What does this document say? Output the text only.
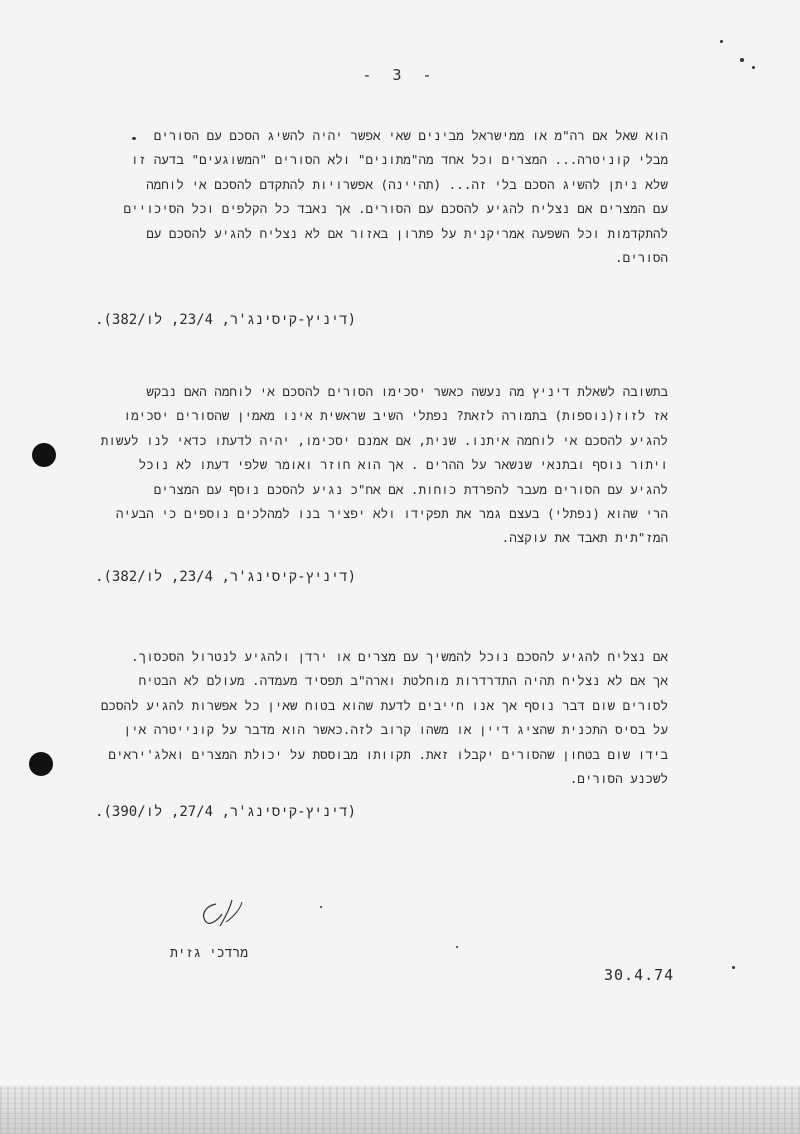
- 3 -

הוא שאל אם רה"מ או ממישראל מבינים שאי אפשר יהיה להשיג הסכם עם הסורים
מבלי קוניטרה... המצרים וכל אחד מה"מתונים" ולא הסורים "המשוגעים" בדעה זו
שלא ניתן להשיג הסכם בלי זה... (תהיינה) אפשרויות להתקדם להסכם אי לוחמה
עם המצרים אם נצליח להגיע להסכם עם הסורים. אך נאבד כל הקלפים וכל הסיכויים
להתקדמות וכל השפעה אמריקנית על פתרון באזור אם לא נצליח להגיע להסכם עם
הסורים.

(דיניץ-קיסינג'ר, 23/4, לו/382).

בתשובה לשאלת דיניץ מה נעשה כאשר יסכימו הסורים להסכם אי לוחמה האם נבקש
אז לזוז(נוספות) בתמורה לזאת? נפתלי השיב שראשית אינו מאמין שהסורים יסכימו
להגיע להסכם אי לוחמה איתנו. שנית, אם אמנם יסכימו, יהיה לדעתו כדאי לנו לעשות
ויתור נוסף ובתנאי שנשאר על ההרים . אך הוא חוזר ואומר שלפי דעתו לא נוכל
להגיע עם הסורים מעבר להפרדת כוחות. אם אח"כ נגיע להסכם נוסף עם המצרים
הרי שהוא (נפתלי) בעצם גמר את תפקידו ולא יפציר בנו למהלכים נוספים כי הבעיה
המז"תית תאבד את עוקצה.

(דיניץ-קיסינג'ר, 23/4, לו/382).

אם נצליח להגיע להסכם נוכל להמשיך עם מצרים או ירדן ולהגיע לנטרול הסכסוך.
אך אם לא נצליח תהיה התדרדרות מוחלטת וארה"ב תפסיד מעמדה. מעולם לא הבטיח
לסורים שום דבר נוסף אך אנו חייבים לדעת שהוא בטוח שאין כל אפשרות להגיע להסכם
על בסיס התכנית שהציג דיין או משהו קרוב לזה.כאשר הוא מדבר על קונייטרה אין
בידו שום בטחון שהסורים יקבלו זאת. תקוותו מבוססת על יכולת המצרים ואלג'יראים
לשכנע הסורים.

(דיניץ-קיסינג'ר, 27/4, לו/390).
מרדכי גזית
30.4.74
